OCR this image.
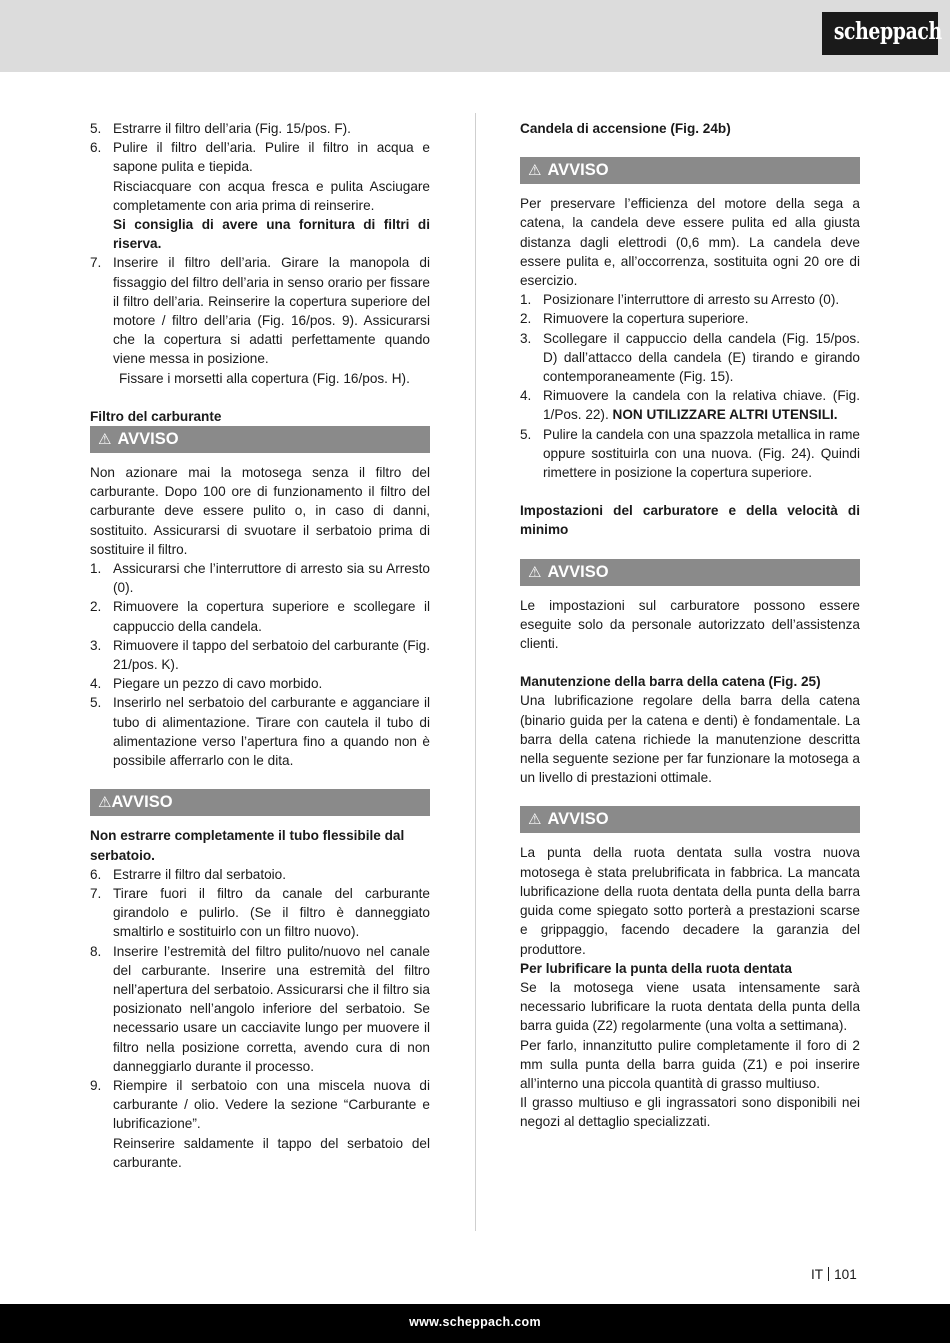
scheppach
5. Estrarre il filtro dell’aria (Fig. 15/pos. F).
6. Pulire il filtro dell’aria. Pulire il filtro in acqua e sapone pulita e tiepida.
Risciacquare con acqua fresca e pulita Asciugare completamente con aria prima di reinserire.
Si consiglia di avere una fornitura di filtri di riserva.
7. Inserire il filtro dell’aria. Girare la manopola di fissaggio del filtro dell’aria in senso orario per fissare il filtro dell’aria. Reinserire la copertura superiore del motore / filtro dell’aria (Fig. 16/pos. 9). Assicurarsi che la copertura si adatti perfettamente quando viene messa in posizione.
Fissare i morsetti alla copertura (Fig. 16/pos. H).
Filtro del carburante
⚠ AVVISO
Non azionare mai la motosega senza il filtro del carburante. Dopo 100 ore di funzionamento il filtro del carburante deve essere pulito o, in caso di danni, sostituito. Assicurarsi di svuotare il serbatoio prima di sostituire il filtro.
1. Assicurarsi che l’interruttore di arresto sia su Arresto (0).
2. Rimuovere la copertura superiore e scollegare il cappuccio della candela.
3. Rimuovere il tappo del serbatoio del carburante (Fig. 21/pos. K).
4. Piegare un pezzo di cavo morbido.
5. Inserirlo nel serbatoio del carburante e agganciare il tubo di alimentazione. Tirare con cautela il tubo di alimentazione verso l’apertura fino a quando non è possibile afferrarlo con le dita.
⚠AVVISO
Non estrarre completamente il tubo flessibile dal serbatoio.
6. Estrarre il filtro dal serbatoio.
7. Tirare fuori il filtro da canale del carburante girandolo e pulirlo. (Se il filtro è danneggiato smaltirlo e sostituirlo con un filtro nuovo).
8. Inserire l’estremità del filtro pulito/nuovo nel canale del carburante. Inserire una estremità del filtro nell’apertura del serbatoio. Assicurarsi che il filtro sia posizionato nell’angolo inferiore del serbatoio. Se necessario usare un cacciavite lungo per muovere il filtro nella posizione corretta, avendo cura di non danneggiarlo durante il processo.
9. Riempire il serbatoio con una miscela nuova di carburante / olio. Vedere la sezione “Carburante e lubrificazione”.
Reinserire saldamente il tappo del serbatoio del carburante.
Candela di accensione (Fig. 24b)
⚠ AVVISO
Per preservare l’efficienza del motore della sega a catena, la candela deve essere pulita ed alla giusta distanza dagli elettrodi (0,6 mm). La candela deve essere pulita e, all’occorrenza, sostituita ogni 20 ore di esercizio.
1. Posizionare l’interruttore di arresto su Arresto (0).
2. Rimuovere la copertura superiore.
3. Scollegare il cappuccio della candela (Fig. 15/pos. D) dall’attacco della candela (E) tirando e girando contemporaneamente (Fig. 15).
4. Rimuovere la candela con la relativa chiave. (Fig. 1/Pos. 22). NON UTILIZZARE ALTRI UTENSILI.
5. Pulire la candela con una spazzola metallica in rame oppure sostituirla con una nuova. (Fig. 24). Quindi rimettere in posizione la copertura superiore.
Impostazioni del carburatore e della velocità di minimo
⚠ AVVISO
Le impostazioni sul carburatore possono essere eseguite solo da personale autorizzato dell’assistenza clienti.
Manutenzione della barra della catena (Fig. 25)
Una lubrificazione regolare della barra della catena (binario guida per la catena e denti) è fondamentale. La barra della catena richiede la manutenzione descritta nella seguente sezione per far funzionare la motosega a un livello di prestazioni ottimale.
⚠ AVVISO
La punta della ruota dentata sulla vostra nuova motosega è stata prelubrificata in fabbrica. La mancata lubrificazione della ruota dentata della punta della barra guida come spiegato sotto porterà a prestazioni scarse e grippaggio, facendo decadere la garanzia del produttore.
Per lubrificare la punta della ruota dentata
Se la motosega viene usata intensamente sarà necessario lubrificare la ruota dentata della punta della barra guida (Z2) regolarmente (una volta a settimana).
Per farlo, innanzitutto pulire completamente il foro di 2 mm sulla punta della barra guida (Z1) e poi inserire all’interno una piccola quantità di grasso multiuso.
Il grasso multiuso e gli ingrassatori sono disponibili nei negozi al dettaglio specializzati.
IT 101
www.scheppach.com
